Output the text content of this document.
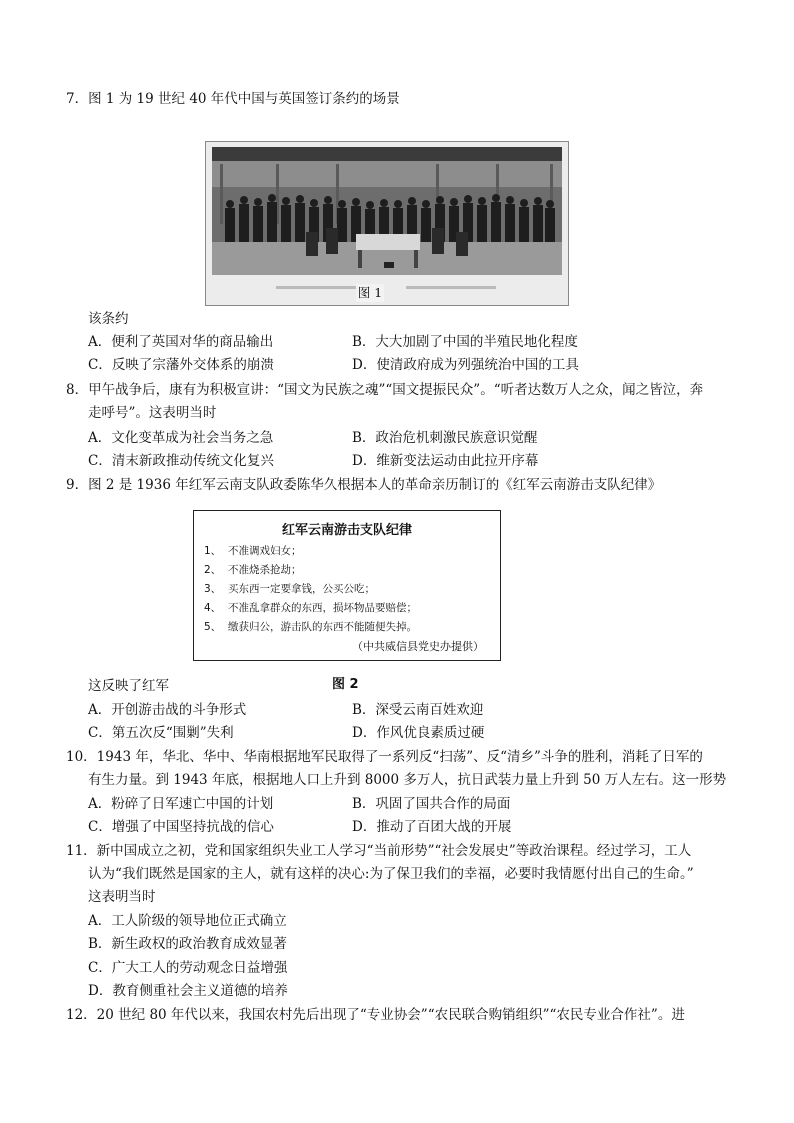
7．图 1 为 19 世纪 40 年代中国与英国签订条约的场景
图 1
该条约
A．便利了英国对华的商品输出	B．大大加剧了中国的半殖民地化程度
C．反映了宗藩外交体系的崩溃	D．使清政府成为列强统治中国的工具
8．甲午战争后，康有为积极宣讲：“国文为民族之魂”“国文提振民众”。“听者达数万人之众，闻之皆泣，奔
走呼号”。这表明当时
A．文化变革成为社会当务之急	B．政治危机刺激民族意识觉醒
C．清末新政推动传统文化复兴	D．维新变法运动由此拉开序幕
9．图 2 是 1936 年红军云南支队政委陈华久根据本人的革命亲历制订的《红军云南游击支队纪律》
红军云南游击支队纪律
1、 不准调戏妇女；
2、 不准烧杀抢劫；
3、 买东西一定要拿钱，公买公吃；
4、 不准乱拿群众的东西，损坏物品要赔偿；
5、 缴获归公，游击队的东西不能随便失掉。
（中共威信县党史办提供）
这反映了红军	图 2
A．开创游击战的斗争形式	B．深受云南百姓欢迎
C．第五次反“围剿”失利	D．作风优良素质过硬
10．1943 年，华北、华中、华南根据地军民取得了一系列反“扫荡”、反“清乡”斗争的胜利，消耗了日军的
有生力量。到 1943 年底，根据地人口上升到 8000 多万人，抗日武装力量上升到 50 万人左右。这一形势
A．粉碎了日军速亡中国的计划	B．巩固了国共合作的局面
C．增强了中国坚持抗战的信心	D．推动了百团大战的开展
11．新中国成立之初，党和国家组织失业工人学习“当前形势”“社会发展史”等政治课程。经过学习，工人
认为“我们既然是国家的主人，就有这样的决心:为了保卫我们的幸福，必要时我情愿付出自己的生命。”
这表明当时
A．工人阶级的领导地位正式确立
B．新生政权的政治教育成效显著
C．广大工人的劳动观念日益增强
D．教育侧重社会主义道德的培养
12．20 世纪 80 年代以来，我国农村先后出现了“专业协会”“农民联合购销组织”“农民专业合作社”。进
